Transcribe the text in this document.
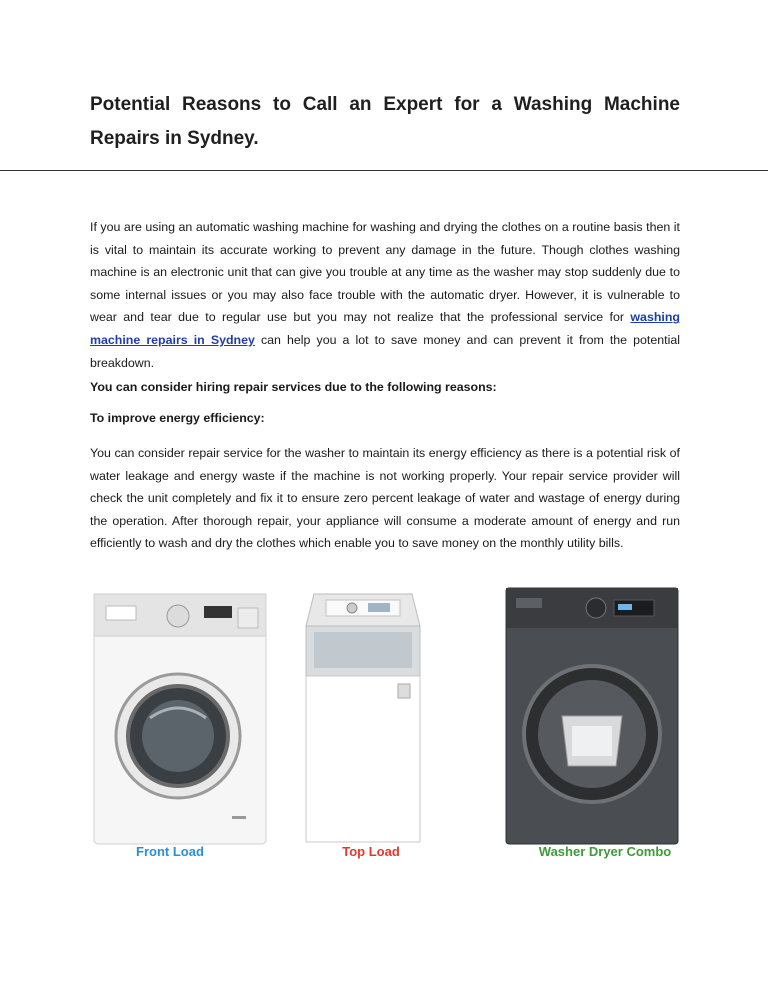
Potential Reasons to Call an Expert for a Washing Machine Repairs in Sydney.

If you are using an automatic washing machine for washing and drying the clothes on a routine basis then it is vital to maintain its accurate working to prevent any damage in the future. Though clothes washing machine is an electronic unit that can give you trouble at any time as the washer may stop suddenly due to some internal issues or you may also face trouble with the automatic dryer. However, it is vulnerable to wear and tear due to regular use but you may not realize that the professional service for washing machine repairs in Sydney can help you a lot to save money and can prevent it from the potential breakdown.

You can consider hiring repair services due to the following reasons:

To improve energy efficiency:

You can consider repair service for the washer to maintain its energy efficiency as there is a potential risk of water leakage and energy waste if the machine is not working properly. Your repair service provider will check the unit completely and fix it to ensure zero percent leakage of water and wastage of energy during the operation. After thorough repair, your appliance will consume a moderate amount of energy and run efficiently to wash and dry the clothes which enable you to save money on the monthly utility bills.

Front Load	Top Load	Washer Dryer Combo
